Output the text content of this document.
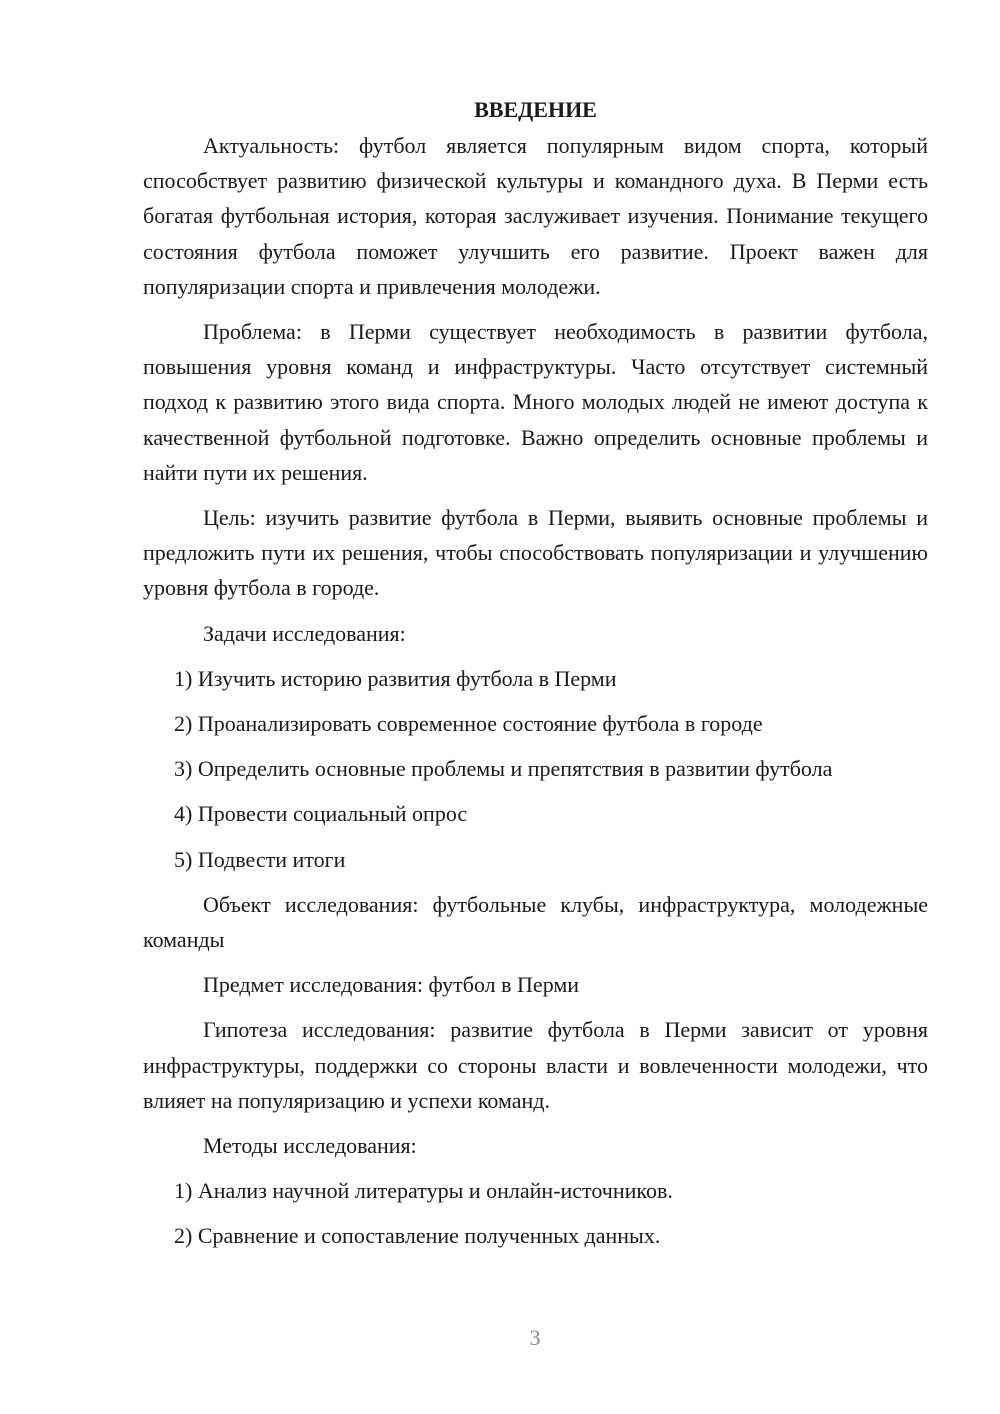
ВВЕДЕНИЕ

Актуальность: футбол является популярным видом спорта, который способствует развитию физической культуры и командного духа. В Перми есть богатая футбольная история, которая заслуживает изучения. Понимание текущего состояния футбола поможет улучшить его развитие. Проект важен для популяризации спорта и привлечения молодежи.

Проблема: в Перми существует необходимость в развитии футбола, повышения уровня команд и инфраструктуры. Часто отсутствует системный подход к развитию этого вида спорта. Много молодых людей не имеют доступа к качественной футбольной подготовке. Важно определить основные проблемы и найти пути их решения.

Цель: изучить развитие футбола в Перми, выявить основные проблемы и предложить пути их решения, чтобы способствовать популяризации и улучшению уровня футбола в городе.

Задачи исследования:

1) Изучить историю развития футбола в Перми

2) Проанализировать современное состояние футбола в городе

3) Определить основные проблемы и препятствия в развитии футбола

4) Провести социальный опрос

5) Подвести итоги

Объект исследования: футбольные клубы, инфраструктура, молодежные команды

Предмет исследования: футбол в Перми

Гипотеза исследования: развитие футбола в Перми зависит от уровня инфраструктуры, поддержки со стороны власти и вовлеченности молодежи, что влияет на популяризацию и успехи команд.

Методы исследования:

1) Анализ научной литературы и онлайн-источников.

2) Сравнение и сопоставление полученных данных.

3
